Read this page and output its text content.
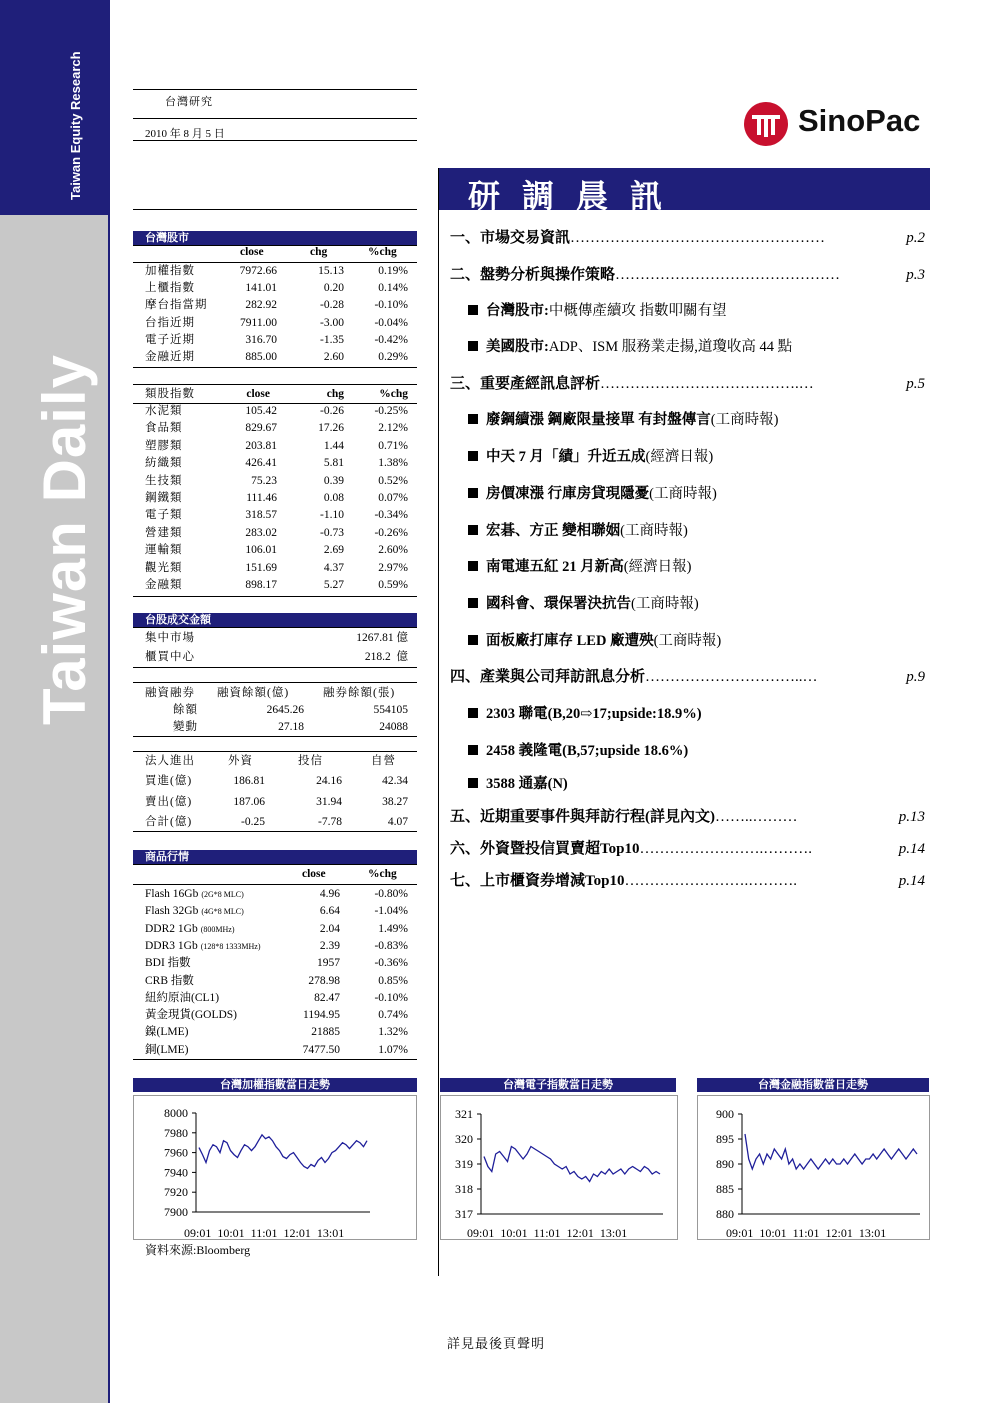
Taiwan Equity Research
Taiwan Daily
台灣研究
2010 年 8 月 5 日	SinoPac
研調晨訊
台灣股市
close	chg	%chg
加權指數	7972.66	15.13	0.19%
上櫃指數	141.01	0.20	0.14%
摩台指當期	282.92	-0.28	-0.10%
台指近期	7911.00	-3.00	-0.04%
電子近期	316.70	-1.35	-0.42%
金融近期	885.00	2.60	0.29%
類股指數	close	chg	%chg
水泥類	105.42	-0.26	-0.25%
食品類	829.67	17.26	2.12%
塑膠類	203.81	1.44	0.71%
紡織類	426.41	5.81	1.38%
生技類	75.23	0.39	0.52%
鋼鐵類	111.46	0.08	0.07%
電子類	318.57	-1.10	-0.34%
營建類	283.02	-0.73	-0.26%
運輸類	106.01	2.69	2.60%
觀光類	151.69	4.37	2.97%
金融類	898.17	5.27	0.59%
台股成交金額
集中市場	1267.81 億
櫃買中心	218.2  億
融資融券 融資餘額(億)	融券餘額(張)
餘額	2645.26	554105
變動	27.18	24088
法人進出	外資	投信	自營
買進(億)	186.81	24.16	42.34
賣出(億)	187.06	31.94	38.27
合計(億)	-0.25	-7.78	4.07
商品行情
close	%chg
Flash 16Gb (2G*8 MLC)	4.96	-0.80%
Flash 32Gb (4G*8 MLC)	6.64	-1.04%
DDR2 1Gb (800MHz)	2.04	1.49%
DDR3 1Gb (128*8 1333MHz)	2.39	-0.83%
BDI 指數	1957	-0.36%
CRB 指數	278.98	0.85%
紐約原油(CL1)	82.47	-0.10%
黃金現貨(GOLDS)	1194.95	0.74%
鎳(LME)	21885	1.32%
銅(LME)	7477.50	1.07%
一、市場交易資訊……………………………………………	p.2
二、盤勢分析與操作策略………………………………………	p.3
三、重要產經訊息評析………………………………….…	p.5
四、產業與公司拜訪訊息分析…………………………..…	p.9
五、近期重要事件與拜訪行程(詳見內文)……..………	p.13
六、外資暨投信買賣超Top10…………………….……….	p.14
七、上市櫃資券增減Top10…………………….……….	p.14
台灣股市:中概傳產續攻 指數叩關有望
美國股市:ADP、ISM 服務業走揚,道瓊收高 44 點
廢鋼續漲 鋼廠限量接單 有封盤傳言(工商時報)
中天 7 月「績」升近五成(經濟日報)
房價凍漲 行庫房貸現隱憂(工商時報)
宏碁、方正 變相聯姻(工商時報)
南電連五紅 21 月新高(經濟日報)
國科會、環保署決抗告(工商時報)
面板廠打庫存 LED 廠遭殃(工商時報)
2303 聯電(B,20⇨17;upside:18.9%)
2458 義隆電(B,57;upside 18.6%)
3588 通嘉(N)
台灣加權指數當日走勢
8000
7980
7960
7940
7920
7900
09:01  10:01  11:01  12:01  13:01
台灣電子指數當日走勢
321
320
319
318
317
09:01  10:01  11:01  12:01  13:01
台灣金融指數當日走勢
900
895
890
885
880
09:01  10:01  11:01  12:01  13:01
資料來源:Bloomberg
詳見最後頁聲明
